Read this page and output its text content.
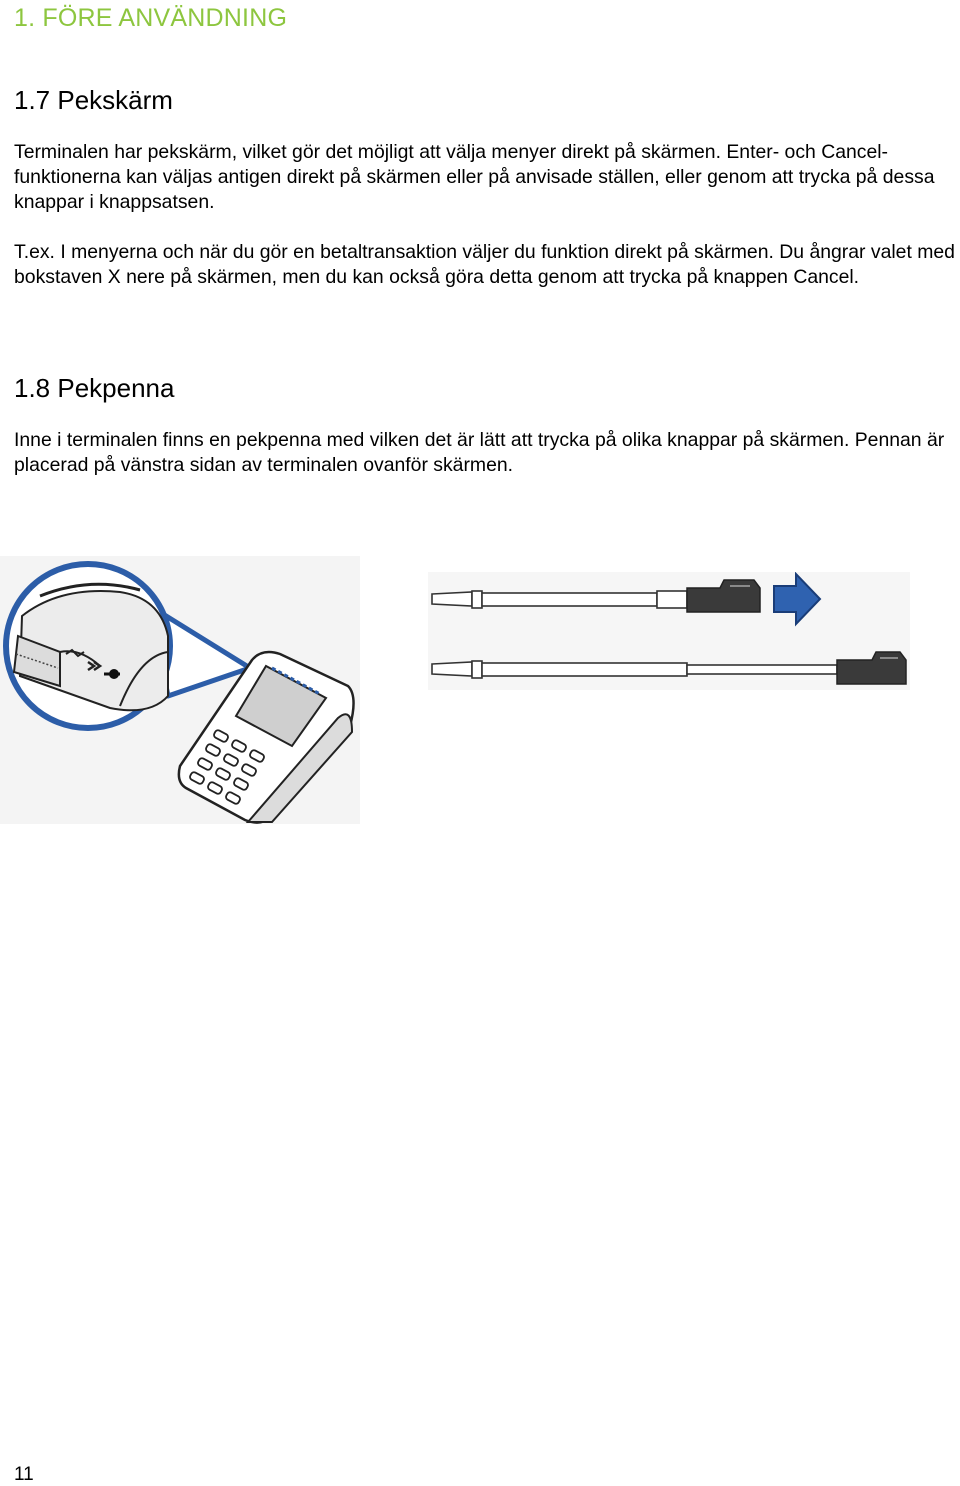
1. FÖRE ANVÄNDNING
1.7 Pekskärm

Terminalen har pekskärm, vilket gör det möjligt att välja menyer direkt på skärmen. Enter- och Cancel-funktionerna kan väljas antigen direkt på skärmen eller på anvisade ställen, eller genom att trycka på dessa knappar i knappsatsen.

T.ex. I menyerna och när du gör en betaltransaktion väljer du funktion direkt på skärmen. Du ångrar valet med bokstaven X nere på skärmen, men du kan också göra detta genom att trycka på knappen Cancel.

1.8 Pekpenna

Inne i terminalen finns en pekpenna med vilken det är lätt att trycka på olika knappar på skärmen. Pennan är placerad på vänstra sidan av terminalen ovanför skärmen.

11
